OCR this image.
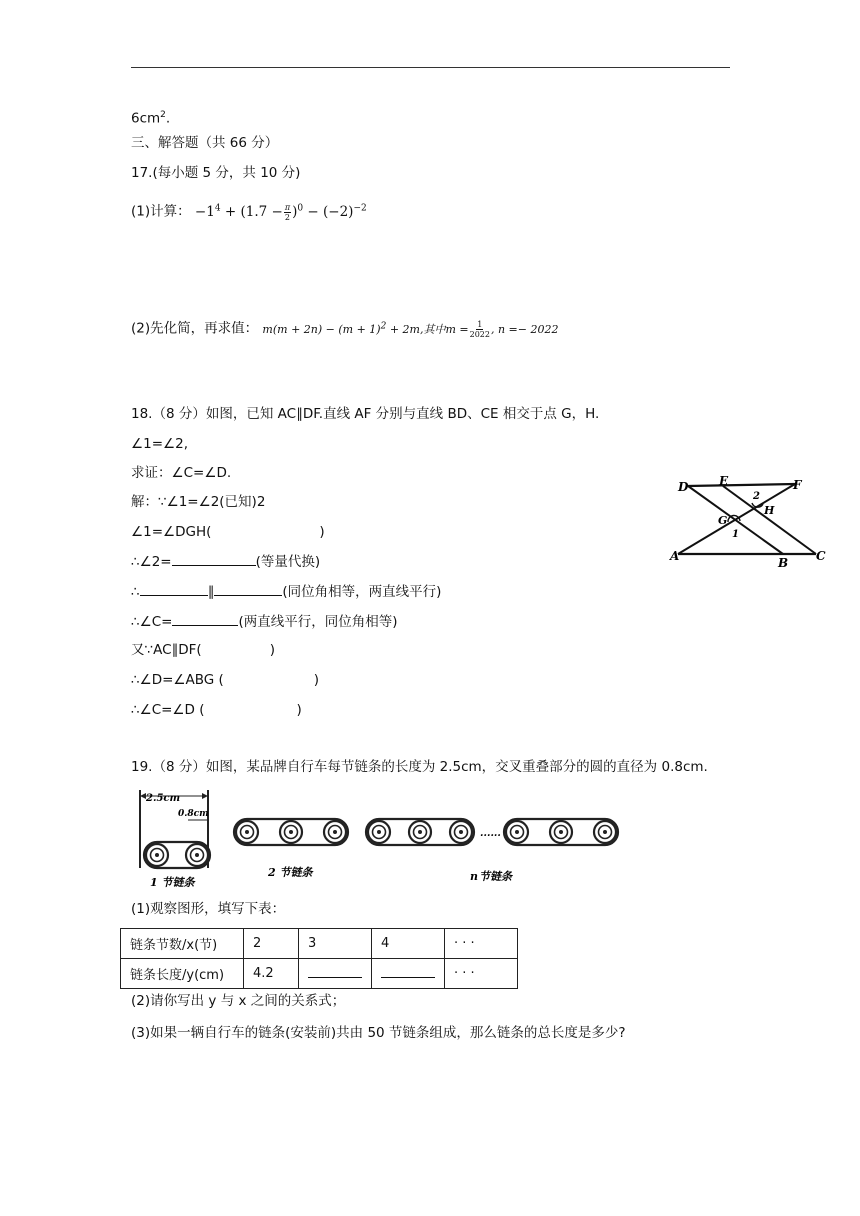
$6cm^2$.
三、解答题（共 66 分）
17.(每小题 5 分，共 10 分)
(1)计算： $-1^4 + (1.7 - \frac{\pi}{2} )^0 - (-2)^{-2}$
(2)先化简，再求值： $m(m + 2n) - (m + 1)^2 + 2m$,其中$m = \frac{1}{2022}$ , n =− 2022
18.（8 分）如图，已知 AC∥DF.直线 AF 分别与直线 BD、CE 相交于点 G，H.
∠1=∠2,
求证：∠C=∠D.
解：∵∠1=∠2(已知)2
∠1=∠DGH(	)
∴∠2=	(等量代换)
∴	∥	(同位角相等，两直线平行)
∴∠C=	(两直线平行，同位角相等)
又∵AC∥DF(	)
∴∠D=∠ABG (	)
∴∠C=∠D (	)
D	E	F
A	B C
G
H
1
2
19.（8 分）如图，某品牌自行车每节链条的长度为 2.5cm，交叉重叠部分的圆的直径为 0.8cm.
2.5cm
0.8cm
1 节链条
2 节链条
......
n 节链条
(1)观察图形，填写下表：
链条节数/x(节)	2	3	4	· · ·
链条长度/y(cm)	4.2			· · ·
(2)请你写出 y 与 x 之间的关系式；
(3)如果一辆自行车的链条(安装前)共由 50 节链条组成，那么链条的总长度是多少?
